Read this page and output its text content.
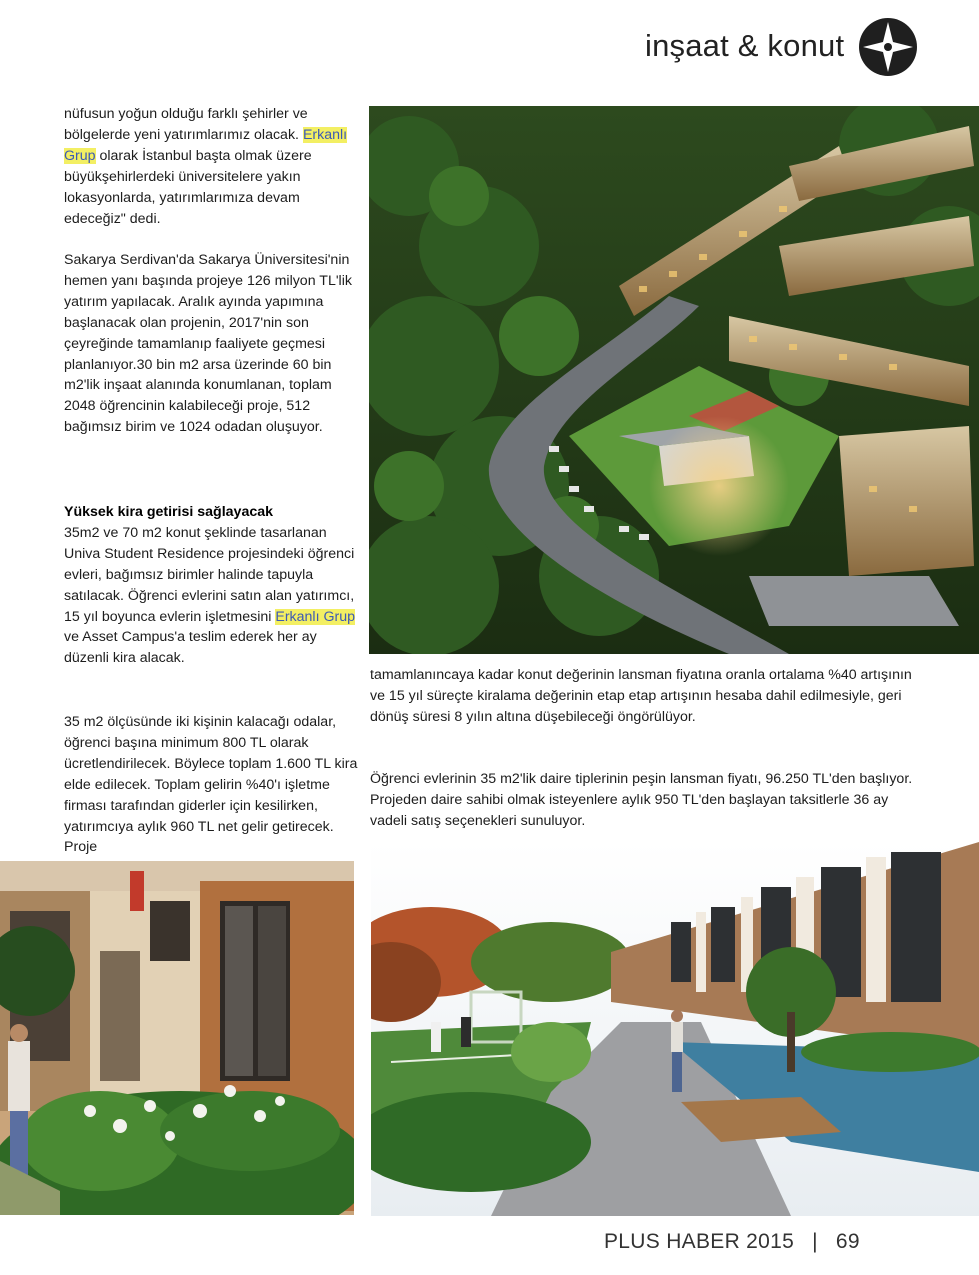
inşaat & konut
nüfusun yoğun olduğu farklı şehirler ve bölgelerde yeni yatırımlarımız olacak. Erkanlı Grup olarak İstanbul başta olmak üzere büyükşehirlerdeki üniversitelere yakın lokasyonlarda, yatırımlarımıza devam edeceğiz" dedi.
Sakarya Serdivan'da Sakarya Üniversitesi'nin hemen yanı başında projeye 126 milyon TL'lik yatırım yapılacak. Aralık ayında yapımına başlanacak olan projenin, 2017'nin son çeyreğinde tamamlanıp faaliyete geçmesi planlanıyor.30 bin m2 arsa üzerinde 60 bin m2'lik inşaat alanında konumlanan, toplam 2048 öğrencinin kalabileceği proje, 512 bağımsız birim ve 1024 odadan oluşuyor.
Yüksek kira getirisi sağlayacak
35m2 ve 70 m2 konut şeklinde tasarlanan Univa Student Residence projesindeki öğrenci evleri, bağımsız birimler halinde tapuyla satılacak. Öğrenci evlerini satın alan yatırımcı, 15 yıl boyunca evlerin işletmesini Erkanlı Grup ve Asset Campus'a teslim ederek her ay düzenli kira alacak.
35 m2 ölçüsünde iki kişinin kalacağı odalar, öğrenci başına minimum 800 TL olarak ücretlendirilecek. Böylece toplam 1.600 TL kira elde edilecek. Toplam gelirin %40'ı işletme firması tarafından giderler için kesilirken, yatırımcıya aylık 960 TL net gelir getirecek. Proje
tamamlanıncaya kadar konut değerinin lansman fiyatına oranla ortalama %40 artışının ve 15 yıl süreçte kiralama değerinin etap etap artışının hesaba dahil edilmesiyle, geri dönüş süresi 8 yılın altına düşebileceği öngörülüyor.
Öğrenci evlerinin 35 m2'lik daire tiplerinin peşin lansman fiyatı, 96.250 TL'den başlıyor. Projeden daire sahibi olmak isteyenlere aylık 950 TL'den başlayan taksitlerle 36 ay vadeli satış seçenekleri sunuluyor.
PLUS HABER 2015 | 69
